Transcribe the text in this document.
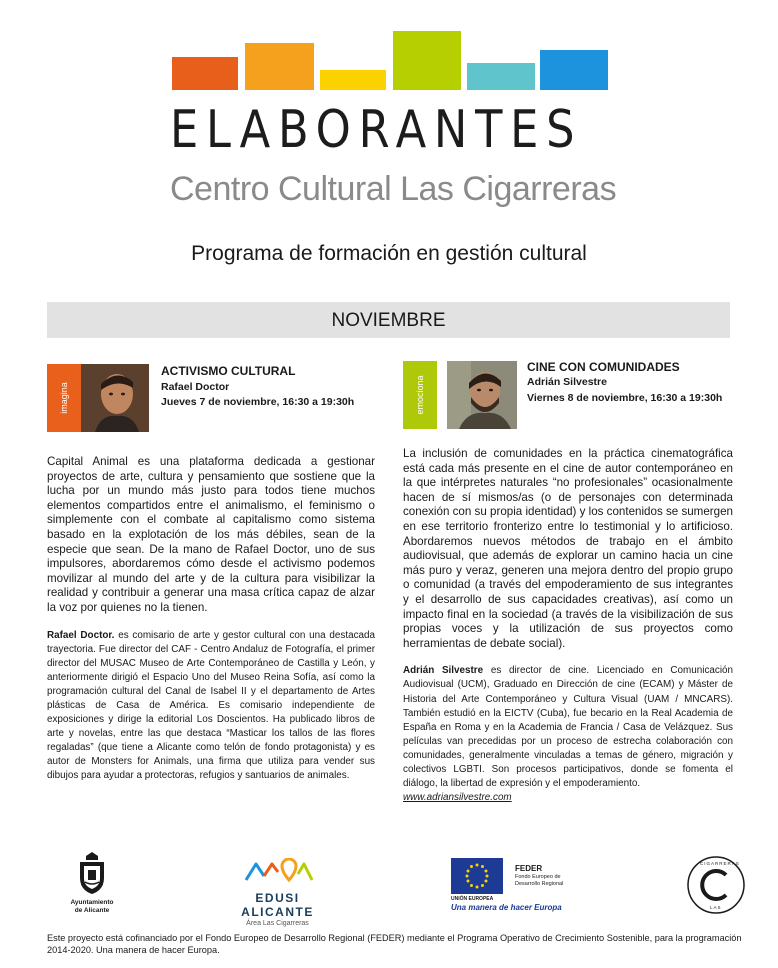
ELABORANTES
Centro Cultural Las Cigarreras
Programa de formación en gestión cultural
NOVIEMBRE
imagina
ACTIVISMO CULTURAL
Rafael Doctor
Jueves 7 de noviembre, 16:30 a 19:30h	emociona
CINE CON COMUNIDADES
Adrián Silvestre
Viernes 8 de noviembre, 16:30 a 19:30h

Capital Animal es una plataforma dedicada a gestionar proyectos de arte, cultura y pensamiento que sostiene que la lucha por un mundo más justo para todos tiene muchos elementos compartidos entre el animalismo, el feminismo o simplemente con el combate al capitalismo como sistema basado en la explotación de los más débiles, sean de la especie que sean. De la mano de Rafael Doctor, uno de sus impulsores, abordaremos cómo desde el activismo podemos movilizar al mundo del arte y de la cultura para visibilizar la realidad y contribuir a generar una masa crítica capaz de alzar la voz por quienes no la tienen.

Rafael Doctor. es comisario de arte y gestor cultural con una destacada trayectoria. Fue director del CAF - Centro Andaluz de Fotografía, el primer director del MUSAC Museo de Arte Contemporáneo de Castilla y León, y anteriormente dirigió el Espacio Uno del Museo Reina Sofía, así como la programación cultural del Canal de Isabel II y el departamento de Artes plásticas de Casa de América. Es comisario independiente de exposiciones y dirige la editorial Los Doscientos. Ha publicado libros de arte y novelas, entre las que destaca “Masticar los tallos de las flores regaladas” (que tiene a Alicante como telón de fondo protagonista) y es autor de Monsters for Animals, una firma que utiliza para vender sus dibujos para ayudar a protectoras, refugios y santuarios de animales.

La inclusión de comunidades en la práctica cinematográfica está cada más presente en el cine de autor contemporáneo en la que intérpretes naturales “no profesionales” ocasionalmente hacen de sí mismos/as (o de personajes con determinada conexión con su propia identidad) y los contenidos se sumergen en ese territorio fronterizo entre lo testimonial y lo artificioso. Abordaremos nuevos métodos de trabajo en el ámbito audiovisual, que además de explorar un camino hacia un cine más puro y veraz, generen una mejora dentro del propio grupo o comunidad (a través del empoderamiento de sus integrantes y el desarrollo de sus capacidades creativas), así como un impacto final en la sociedad (a través de la visibilización de sus propias voces y la utilización de sus proyectos como herramientas de debate social).

Adrián Silvestre es director de cine. Licenciado en Comunicación Audiovisual (UCM), Graduado en Dirección de cine (ECAM) y Máster de Historia del Arte Contemporáneo y Cultura Visual (UAM / MNCARS). También estudió en la EICTV (Cuba), fue becario en la Real Academia de España en Roma y en la Academia de Francia / Casa de Velázquez. Sus películas van precedidas por un proceso de estrecha colaboración con comunidades, generalmente vinculadas a temas de género, migración y colectivos LGBTI. Son procesos participativos, donde se fomenta el diálogo, la libertad de expresión y el empoderamiento.

www.adriansilvestre.com
Ayuntamiento
de Alicante
EDUSI ALICANTE
Área Las Cigarreras
FEDER
Fondo Europeo de
Desarrollo Regional
UNIÓN EUROPEA
Una manera de hacer Europa
CIGARRERAS
LAS
Este proyecto está cofinanciado por el Fondo Europeo de Desarrollo Regional (FEDER) mediante el Programa Operativo de Crecimiento Sostenible, para la programación 2014-2020. Una manera de hacer Europa.
